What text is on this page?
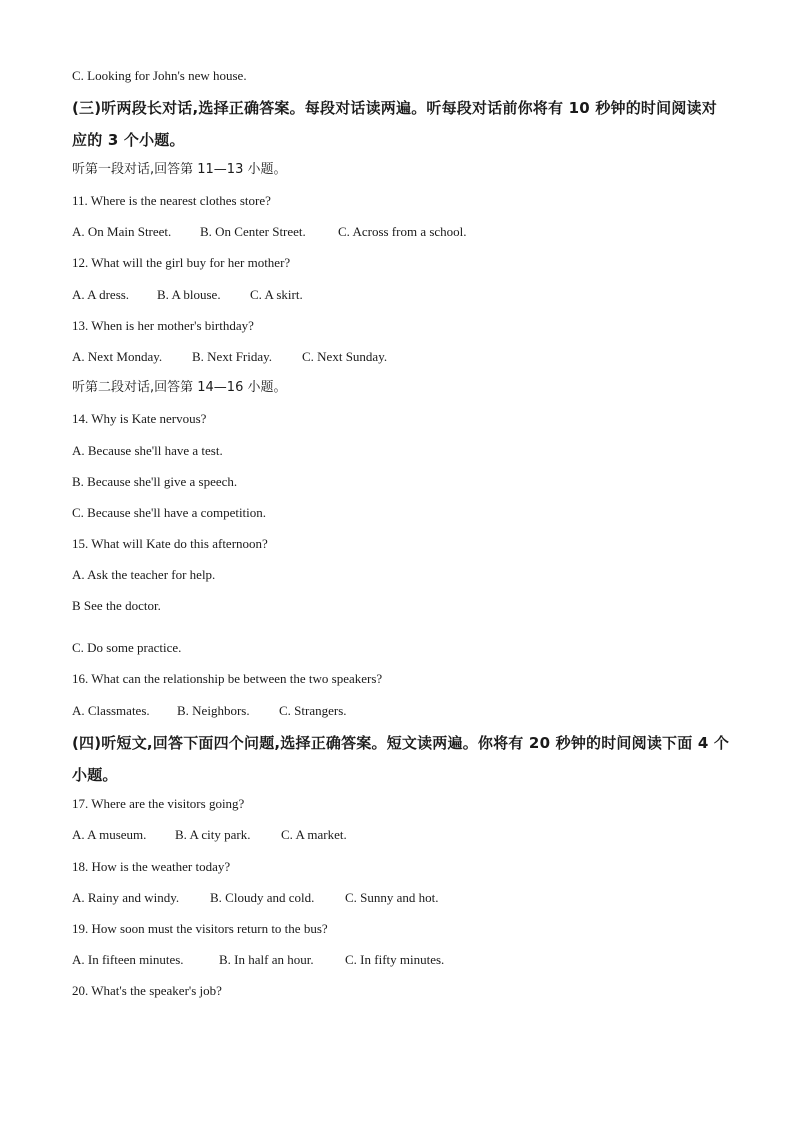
C. Looking for John's new house.
(三)听两段长对话,选择正确答案。每段对话读两遍。听每段对话前你将有 10 秒钟的时间阅读对应的 3 个小题。
听第一段对话,回答第 11—13 小题。
11. Where is the nearest clothes store?
A. On Main Street. B. On Center Street. C. Across from a school.
12. What will the girl buy for her mother?
A. A dress. B. A blouse. C. A skirt.
13. When is her mother's birthday?
A. Next Monday. B. Next Friday. C. Next Sunday.
听第二段对话,回答第 14—16 小题。
14. Why is Kate nervous?
A. Because she'll have a test.
B. Because she'll give a speech.
C. Because she'll have a competition.
15. What will Kate do this afternoon?
A. Ask the teacher for help.
B See the doctor.
C. Do some practice.
16. What can the relationship be between the two speakers?
A. Classmates. B. Neighbors. C. Strangers.
(四)听短文,回答下面四个问题,选择正确答案。短文读两遍。你将有 20 秒钟的时间阅读下面 4 个小题。
17. Where are the visitors going?
A. A museum. B. A city park. C. A market.
18. How is the weather today?
A. Rainy and windy. B. Cloudy and cold. C. Sunny and hot.
19. How soon must the visitors return to the bus?
A. In fifteen minutes.	B. In half an hour. C. In fifty minutes.
20. What's the speaker's job?
